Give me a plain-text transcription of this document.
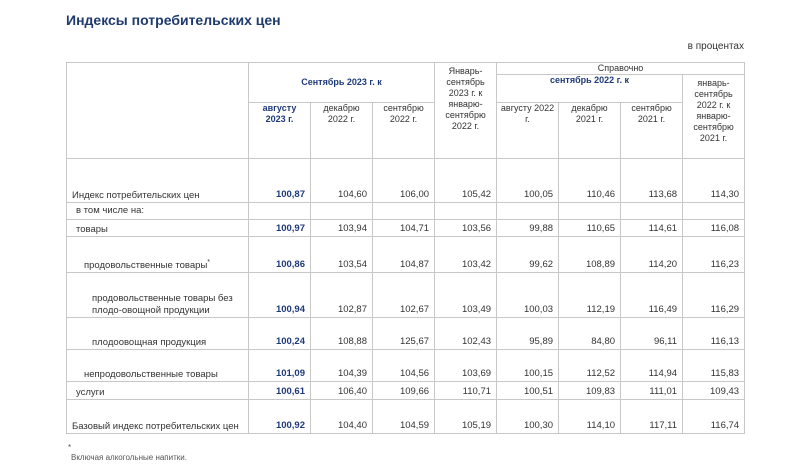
Индексы потребительских цен
в процентах
	Сентябрь 2023 г. к			Январь-сентябрь 2023 г. к январю-сентябрю 2022 г.	Справочно			
					сентябрь 2022 г. к			январь-сентябрь 2022 г. к январю-сентябрю 2021 г.
	августу 2023 г.	декабрю 2022 г.	сентябрю 2022 г.		августу 2022 г.	декабрю 2021 г.	сентябрю 2021 г.	
Индекс потребительских цен	100,87	104,60	106,00	105,42	100,05	110,46	113,68	114,30
в том числе на:								
товары	100,97	103,94	104,71	103,56	99,88	110,65	114,61	116,08
продовольственные товары*	100,86	103,54	104,87	103,42	99,62	108,89	114,20	116,23
продовольственные товары без плодо-овощной продукции	100,94	102,87	102,67	103,49	100,03	112,19	116,49	116,29
плодоовощная продукция	100,24	108,88	125,67	102,43	95,89	84,80	96,11	116,13
непродовольственные товары	101,09	104,39	104,56	103,69	100,15	112,52	114,94	115,83
услуги	100,61	106,40	109,66	110,71	100,51	109,83	111,01	109,43
Базовый индекс потребительских цен	100,92	104,40	104,59	105,19	100,30	114,10	117,11	116,74
*
Включая алкогольные напитки.
